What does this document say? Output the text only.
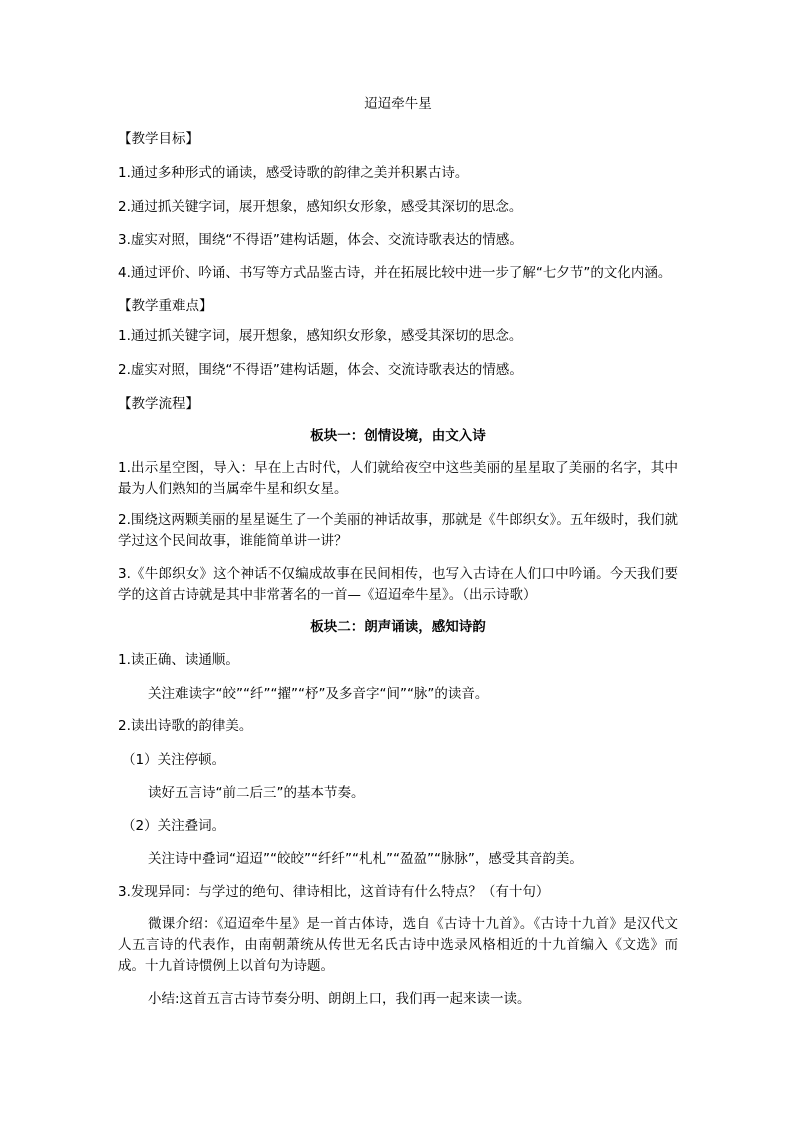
迢迢牵牛星
【教学目标】
1.通过多种形式的诵读，感受诗歌的韵律之美并积累古诗。
2.通过抓关键字词，展开想象，感知织女形象，感受其深切的思念。
3.虚实对照，围绕“不得语”建构话题，体会、交流诗歌表达的情感。
4.通过评价、吟诵、书写等方式品鉴古诗，并在拓展比较中进一步了解“七夕节”的文化内涵。
【教学重难点】
1.通过抓关键字词，展开想象，感知织女形象，感受其深切的思念。
2.虚实对照，围绕“不得语”建构话题，体会、交流诗歌表达的情感。
【教学流程】
板块一：创情设境，由文入诗
1.出示星空图，导入：早在上古时代，人们就给夜空中这些美丽的星星取了美丽的名字，其中最为人们熟知的当属牵牛星和织女星。
2.围绕这两颗美丽的星星诞生了一个美丽的神话故事，那就是《牛郎织女》。五年级时，我们就学过这个民间故事，谁能简单讲一讲？
3.《牛郎织女》这个神话不仅编成故事在民间相传，也写入古诗在人们口中吟诵。今天我们要学的这首古诗就是其中非常著名的一首—《迢迢牵牛星》。（出示诗歌）
板块二：朗声诵读，感知诗韵
1.读正确、读通顺。
关注难读字“皎”“纤”“擢”“杼”及多音字“间”“脉”的读音。
2.读出诗歌的韵律美。
（1）关注停顿。
读好五言诗“前二后三”的基本节奏。
（2）关注叠词。
关注诗中叠词“迢迢”“皎皎”“纤纤”“札札”“盈盈”“脉脉”，感受其音韵美。
3.发现异同：与学过的绝句、律诗相比，这首诗有什么特点？（有十句）
微课介绍：《迢迢牵牛星》是一首古体诗，选自《古诗十九首》。《古诗十九首》是汉代文人五言诗的代表作，由南朝萧统从传世无名氏古诗中选录风格相近的十九首编入《文选》而成。十九首诗惯例上以首句为诗题。
小结:这首五言古诗节奏分明、朗朗上口，我们再一起来读一读。
